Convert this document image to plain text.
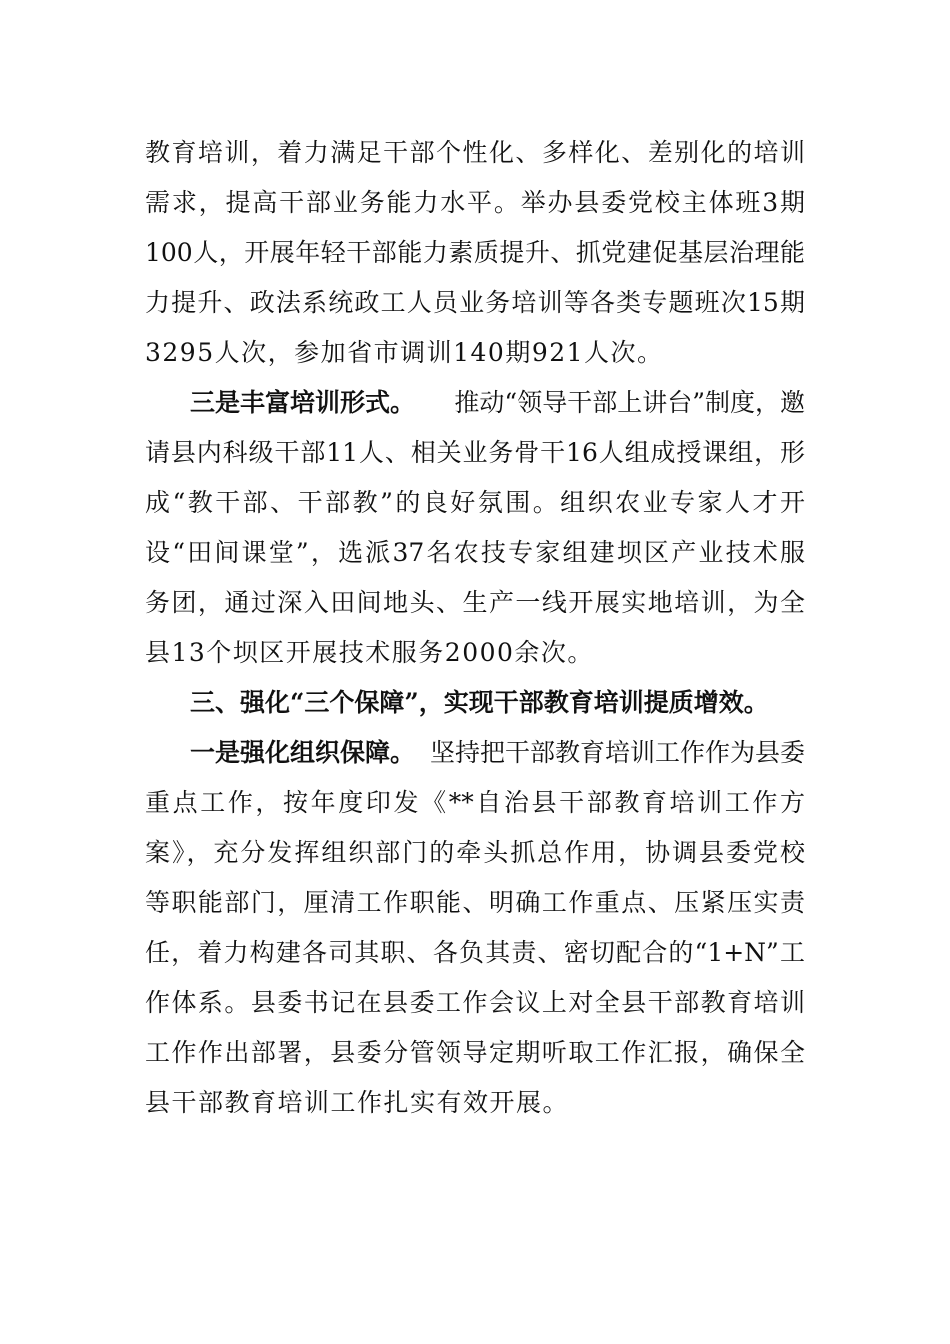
教育培训，着力满足干部个性化、多样化、差别化的培训
需求，提高干部业务能力水平。举办县委党校主体班3期
100人，开展年轻干部能力素质提升、抓党建促基层治理能
力提升、政法系统政工人员业务培训等各类专题班次15期
3295人次，参加省市调训140期921人次。
三是丰富培训形式。 推动“领导干部上讲台”制度，邀
请县内科级干部11人、相关业务骨干16人组成授课组，形
成“教干部、干部教”的良好氛围。组织农业专家人才开
设“田间课堂”，选派37名农技专家组建坝区产业技术服
务团，通过深入田间地头、生产一线开展实地培训，为全
县13个坝区开展技术服务2000余次。
三、强化“三个保障”，实现干部教育培训提质增效。
一是强化组织保障。 坚持把干部教育培训工作作为县委
重点工作，按年度印发《**自治县干部教育培训工作方
案》，充分发挥组织部门的牵头抓总作用，协调县委党校
等职能部门，厘清工作职能、明确工作重点、压紧压实责
任，着力构建各司其职、各负其责、密切配合的“1+N”工
作体系。县委书记在县委工作会议上对全县干部教育培训
工作作出部署，县委分管领导定期听取工作汇报，确保全
县干部教育培训工作扎实有效开展。
